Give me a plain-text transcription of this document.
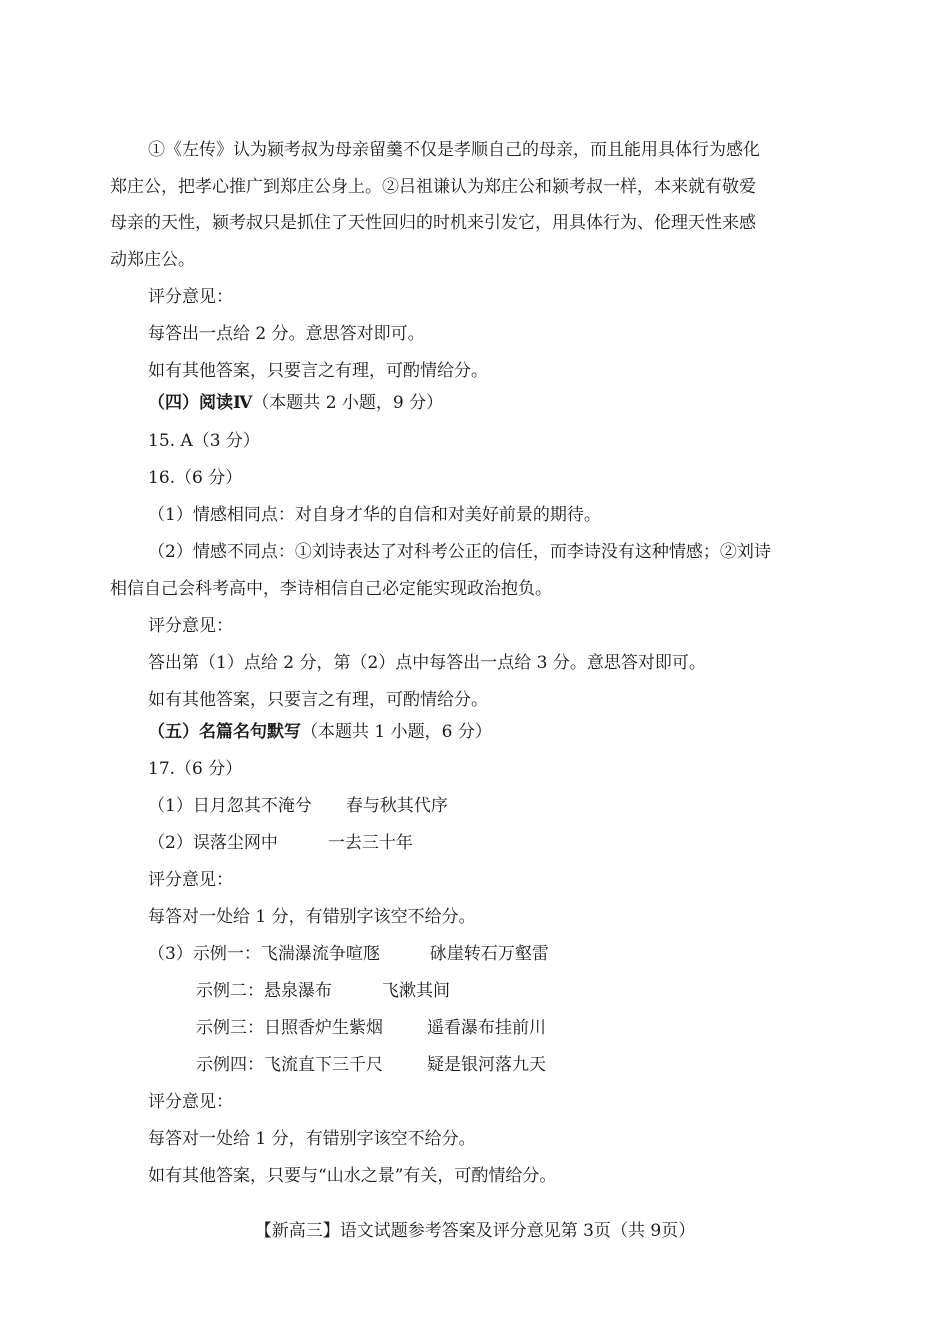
①《左传》认为颍考叔为母亲留羹不仅是孝顺自己的母亲，而且能用具体行为感化
郑庄公，把孝心推广到郑庄公身上。②吕祖谦认为郑庄公和颍考叔一样，本来就有敬爱
母亲的天性，颍考叔只是抓住了天性回归的时机来引发它，用具体行为、伦理天性来感
动郑庄公。
评分意见：
每答出一点给 2 分。意思答对即可。
如有其他答案，只要言之有理，可酌情给分。
（四）阅读Ⅳ（本题共 2 小题，9 分）
15. A（3 分）
16.（6 分）
（1）情感相同点：对自身才华的自信和对美好前景的期待。
（2）情感不同点：①刘诗表达了对科考公正的信任，而李诗没有这种情感；②刘诗
相信自己会科考高中，李诗相信自己必定能实现政治抱负。
评分意见：
答出第（1）点给 2 分，第（2）点中每答出一点给 3 分。意思答对即可。
如有其他答案，只要言之有理，可酌情给分。
（五）名篇名句默写（本题共 1 小题，6 分）
17.（6 分）
（1）日月忽其不淹兮 春与秋其代序
（2）误落尘网中	一去三十年
评分意见：
每答对一处给 1 分，有错别字该空不给分。
（3）示例一：飞湍瀑流争喧豗	砯崖转石万壑雷
示例二：悬泉瀑布	飞漱其间
示例三：日照香炉生紫烟	遥看瀑布挂前川
示例四：飞流直下三千尺	疑是银河落九天
评分意见：
每答对一处给 1 分，有错别字该空不给分。
如有其他答案，只要与“山水之景”有关，可酌情给分。
【新高三】语文试题参考答案及评分意见第 3页（共 9页）
